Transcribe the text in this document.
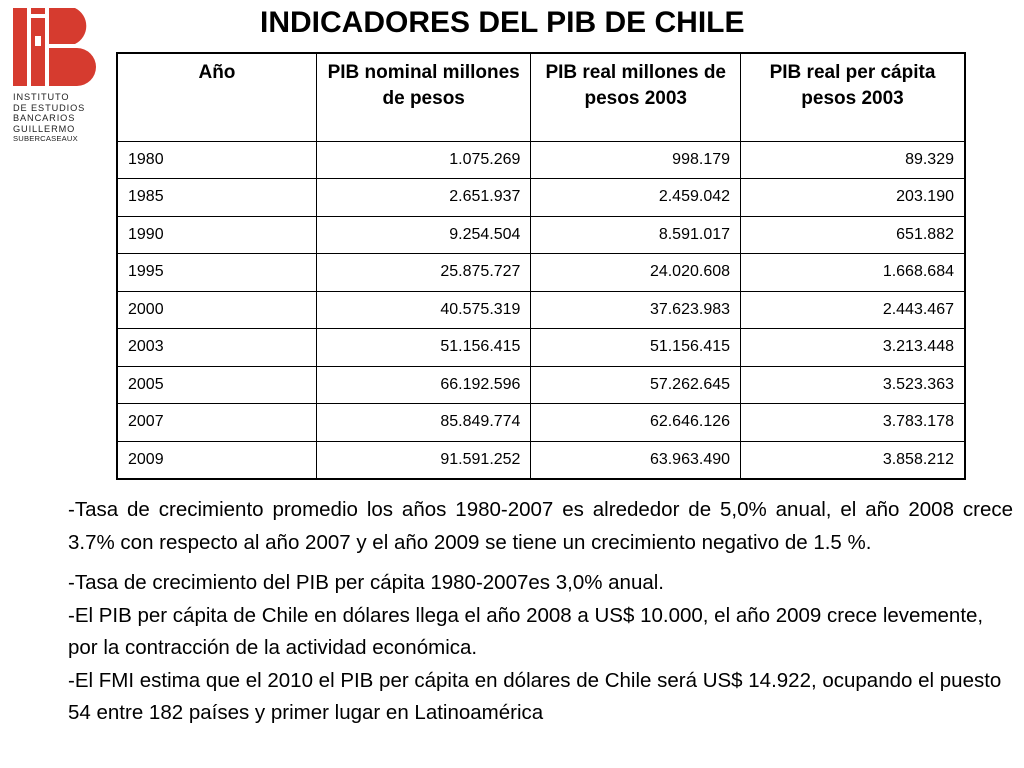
INSTITUTO
DE ESTUDIOS
BANCARIOS
GUILLERMO
SUBERCASEAUX
INDICADORES DEL PIB DE CHILE
Año	PIB nominal millones de pesos	PIB real millones de pesos 2003	PIB real per cápita pesos 2003
1980	1.075.269	998.179	89.329
1985	2.651.937	2.459.042	203.190
1990	9.254.504	8.591.017	651.882
1995	25.875.727	24.020.608	1.668.684
2000	40.575.319	37.623.983	2.443.467
2003	51.156.415	51.156.415	3.213.448
2005	66.192.596	57.262.645	3.523.363
2007	85.849.774	62.646.126	3.783.178
2009	91.591.252	63.963.490	3.858.212

-Tasa de crecimiento promedio los años 1980-2007 es alrededor de 5,0% anual, el año 2008 crece 3.7% con respecto al año 2007 y el año 2009 se tiene un crecimiento negativo de 1.5 %.

-Tasa de crecimiento del PIB per cápita 1980-2007es 3,0% anual.

-El PIB per cápita de Chile en dólares llega el año 2008 a US$ 10.000, el año 2009 crece levemente, por la contracción de la actividad económica.

-El FMI estima que el 2010 el PIB per cápita en dólares de Chile será US$ 14.922, ocupando el puesto 54 entre 182 países y primer lugar en Latinoamérica
